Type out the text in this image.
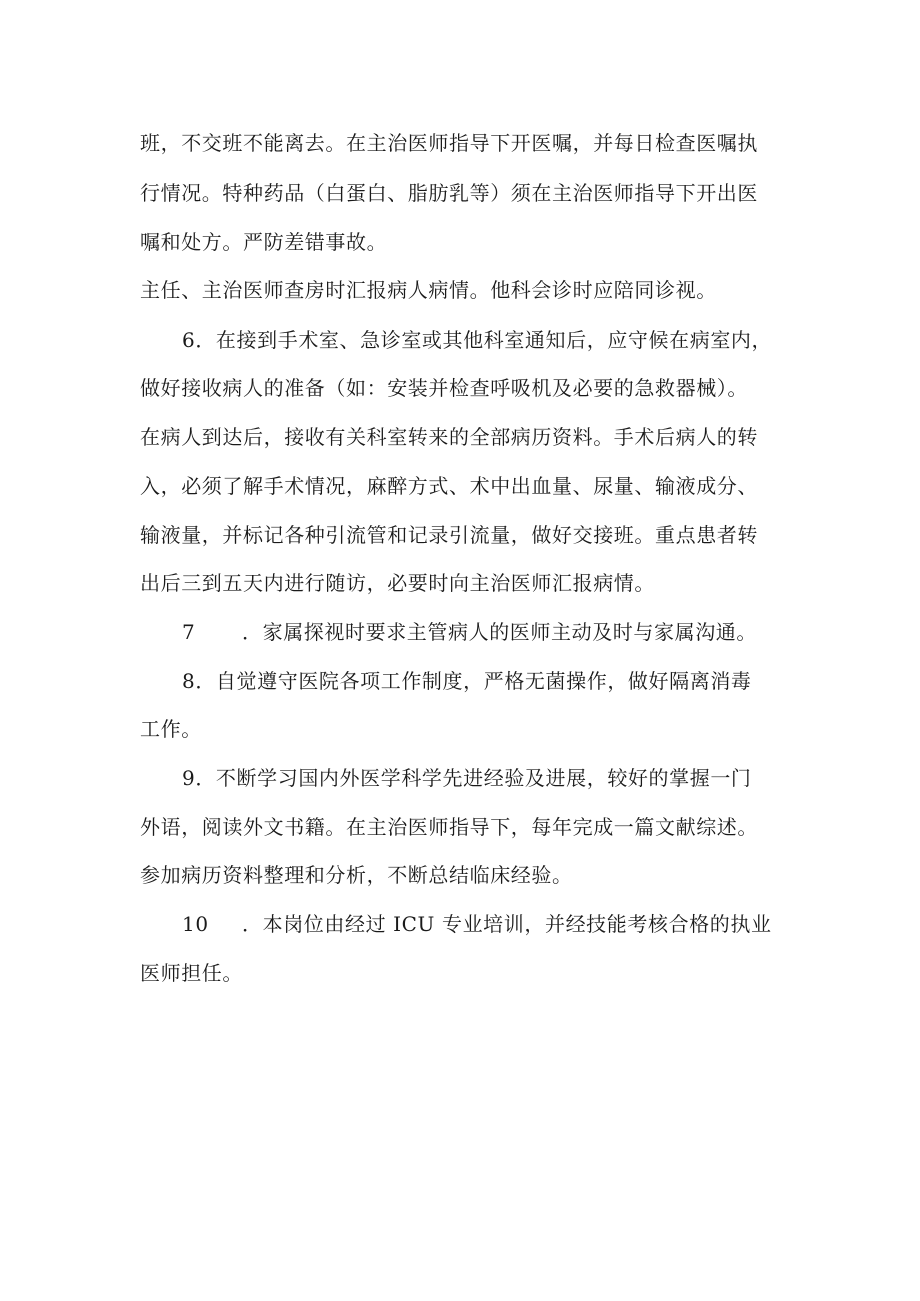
班，不交班不能离去。在主治医师指导下开医嘱，并每日检查医嘱执
行情况。特种药品（白蛋白、脂肪乳等）须在主治医师指导下开出医
嘱和处方。严防差错事故。
主任、主治医师查房时汇报病人病情。他科会诊时应陪同诊视。
6．在接到手术室、急诊室或其他科室通知后，应守候在病室内，
做好接收病人的准备（如：安装并检查呼吸机及必要的急救器械）。
在病人到达后，接收有关科室转来的全部病历资料。手术后病人的转
入，必须了解手术情况，麻醉方式、术中出血量、尿量、输液成分、
输液量，并标记各种引流管和记录引流量，做好交接班。重点患者转
出后三到五天内进行随访，必要时向主治医师汇报病情。
7 ．家属探视时要求主管病人的医师主动及时与家属沟通。
8．自觉遵守医院各项工作制度，严格无菌操作，做好隔离消毒
工作。
9．不断学习国内外医学科学先进经验及进展，较好的掌握一门
外语，阅读外文书籍。在主治医师指导下，每年完成一篇文献综述。
参加病历资料整理和分析，不断总结临床经验。
10 ．本岗位由经过 ICU 专业培训，并经技能考核合格的执业
医师担任。
